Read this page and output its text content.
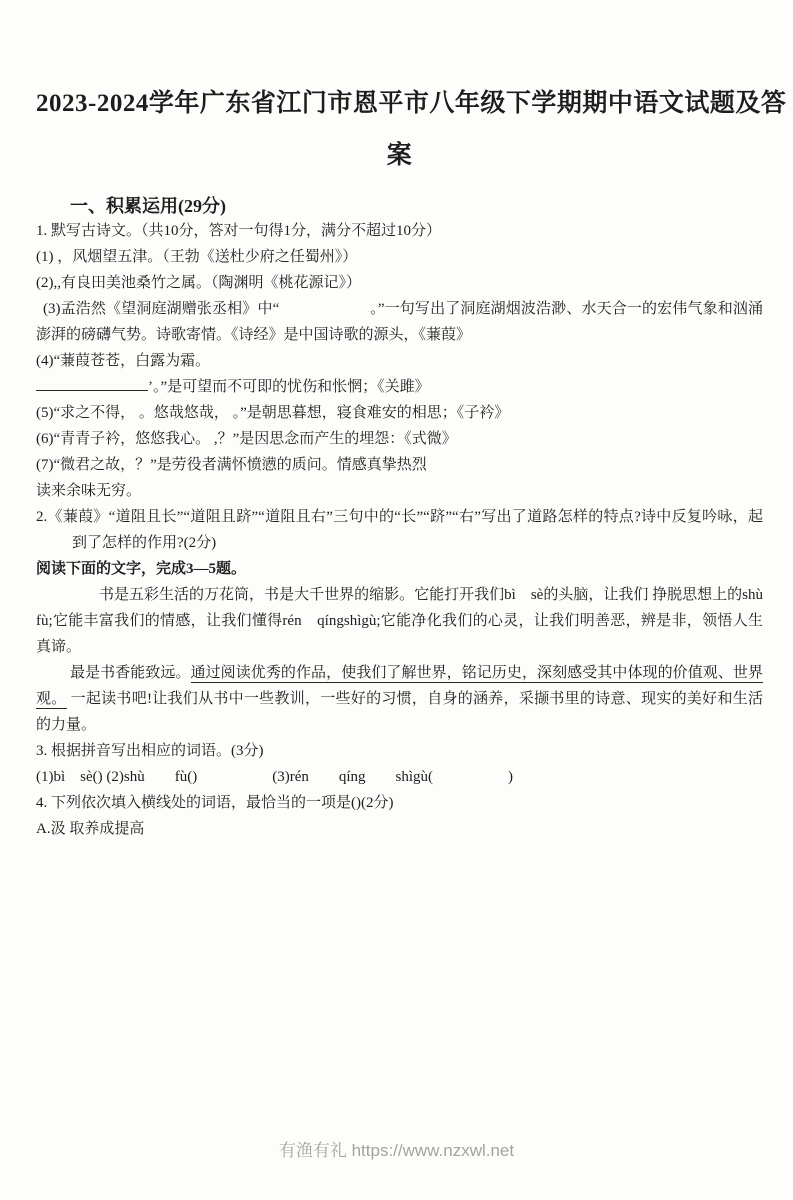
2023-2024学年广东省江门市恩平市八年级下学期期中语文试题及答

案

一、积累运用(29分)

1. 默写古诗文。（共10分，答对一句得1分，满分不超过10分）

(1) ，风烟望五津。（王勃《送杜少府之任蜀州》）

(2),,有良田美池桑竹之属。（陶渊明《桃花源记》）

(3)孟浩然《望洞庭湖赠张丞相》中“　　　　　　。”一句写出了洞庭湖烟波浩渺、水天合一的宏伟气象和汹涌澎湃的磅礴气势。诗歌寄情。《诗经》是中国诗歌的源头，《蒹葭》

(4)“蒹葭苍苍，白露为霜。

’。”是可望而不可即的忧伤和怅惘；《关雎》

(5)“求之不得， 。悠哉悠哉， 。”是朝思暮想，寝食难安的相思；《子衿》

(6)“青青子衿，悠悠我心。 ,？”是因思念而产生的埋怨：《式微》

(7)“微君之故，？”是劳役者满怀愤懑的质问。情感真挚热烈

读来余味无穷。

2.《蒹葭》“道阻且长”“道阻且跻”“道阻且右”三句中的“长”“跻”“右”写出了道路怎样的特点?诗中反复吟咏，起到了怎样的作用?(2分)

阅读下面的文字，完成3—5题。

书是五彩生活的万花筒，书是大千世界的缩影。它能打开我们bì　sè的头脑，让我们 挣脱思想上的shù　　fù;它能丰富我们的情感，让我们懂得rén　qíngshìgù;它能净化我们的心灵，让我们明善恶，辨是非，领悟人生真谛。

最是书香能致远。通过阅读优秀的作品，使我们了解世界，铭记历史，深刻感受其中体现的价值观、世界观。 一起读书吧!让我们从书中一些教训，一些好的习惯，自身的涵养，采撷书里的诗意、现实的美好和生活的力量。

3. 根据拼音写出相应的词语。(3分)

(1)bì　sè() (2)shù　　fù()　　　　　(3)rén　　qíng　　shìgù(　　　　　)

4. 下列依次填入横线处的词语，最恰当的一项是()(2分)

A.汲 取养成提高

有渔有礼 https://www.nzxwl.net
